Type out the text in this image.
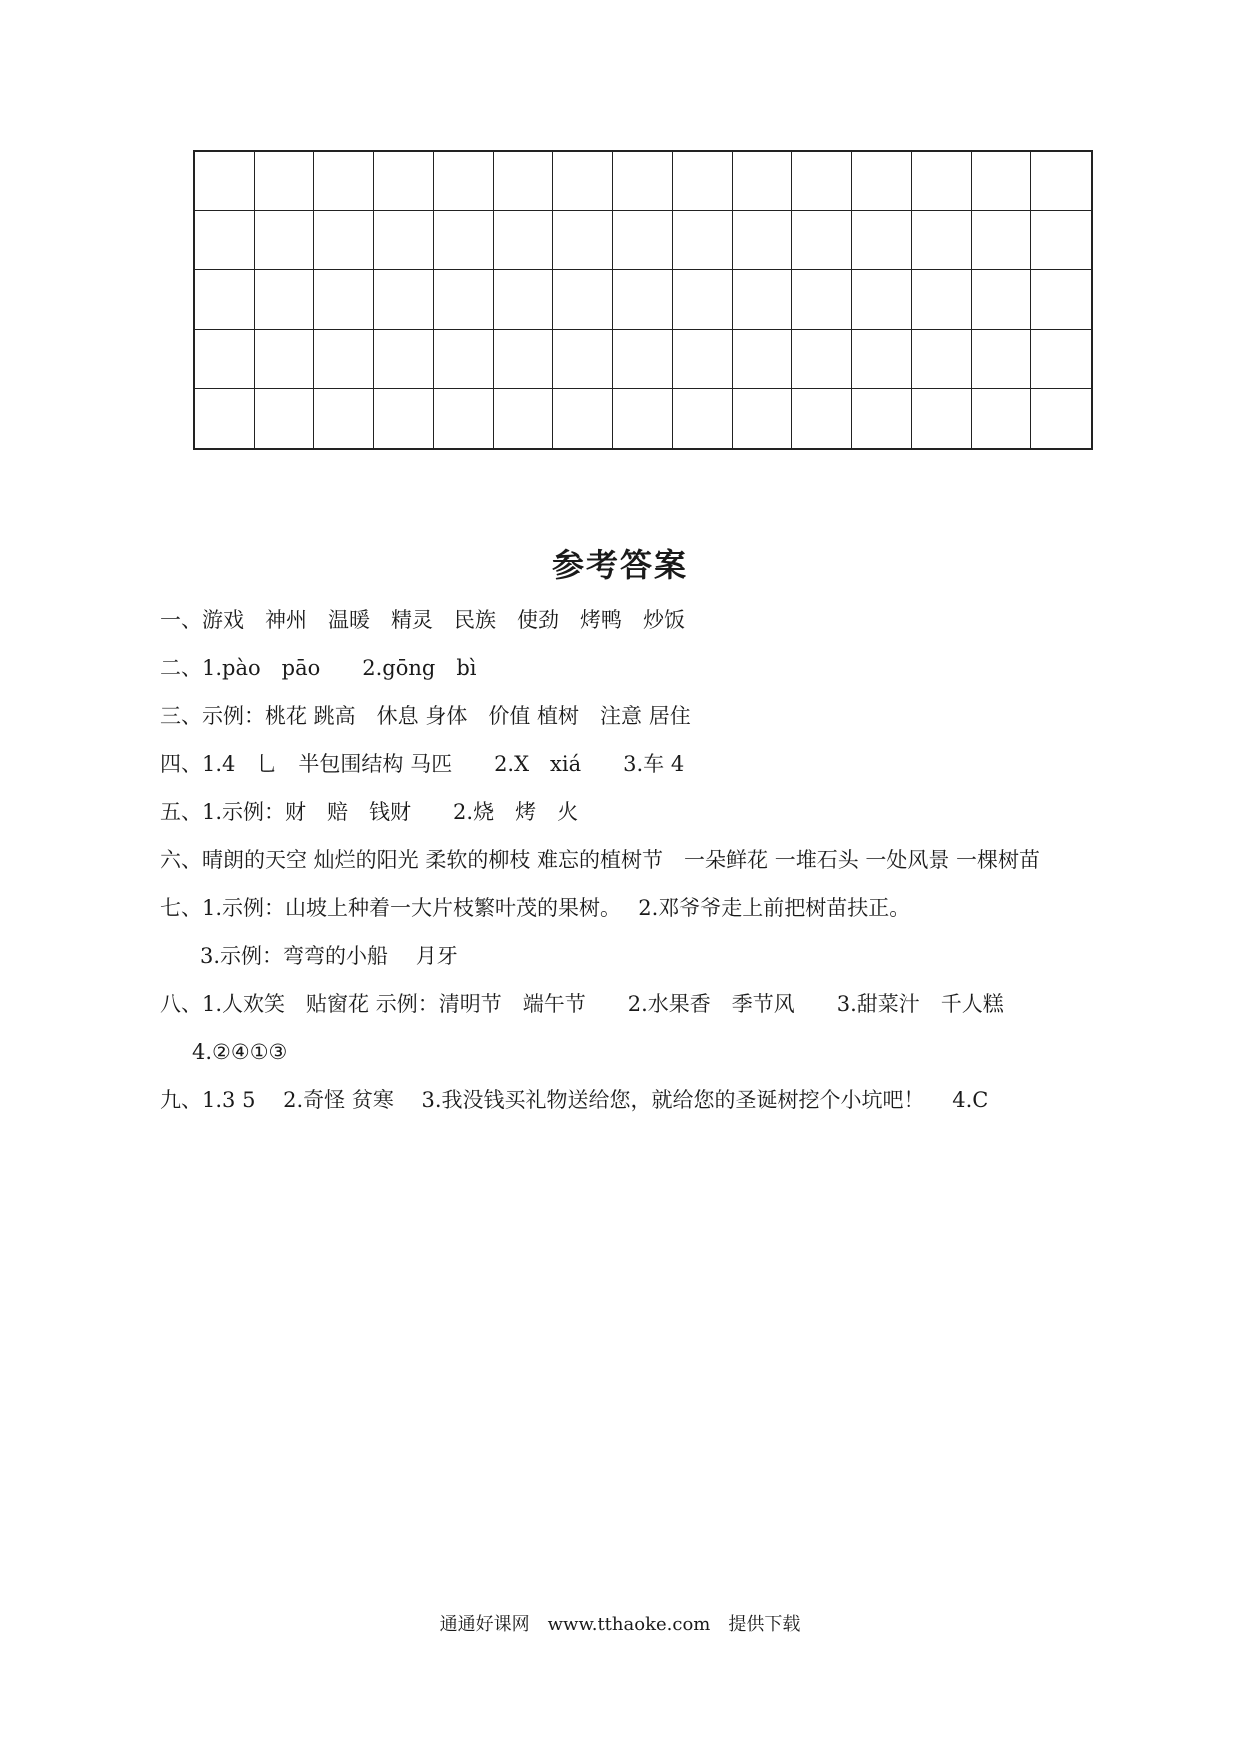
参考答案
一、游戏　神州　温暖　精灵　民族　使劲　烤鸭　炒饭
二、1.pào　pāo　　2.gōng　bì
三、示例：桃花 跳高　休息 身体　价值 植树　注意 居住
四、1.4　乚　半包围结构 马匹　　2.X　xiá　　3.车 4
五、1.示例：财　赔　钱财　　2.烧　烤　火
六、晴朗的天空 灿烂的阳光 柔软的柳枝 难忘的植树节　一朵鲜花 一堆石头 一处风景 一棵树苗
七、1.示例：山坡上种着一大片枝繁叶茂的果树。　 2.邓爷爷走上前把树苗扶正。
3.示例：弯弯的小船　 月牙
八、1.人欢笑　贴窗花 示例：清明节　端午节　　2.水果香　季节风　　3.甜菜汁　千人糕
4.②④①③
九、1.3 5　 2.奇怪 贫寒　 3.我没钱买礼物送给您，就给您的圣诞树挖个小坑吧！　 4.C
通通好课网　www.tthaoke.com　提供下载
